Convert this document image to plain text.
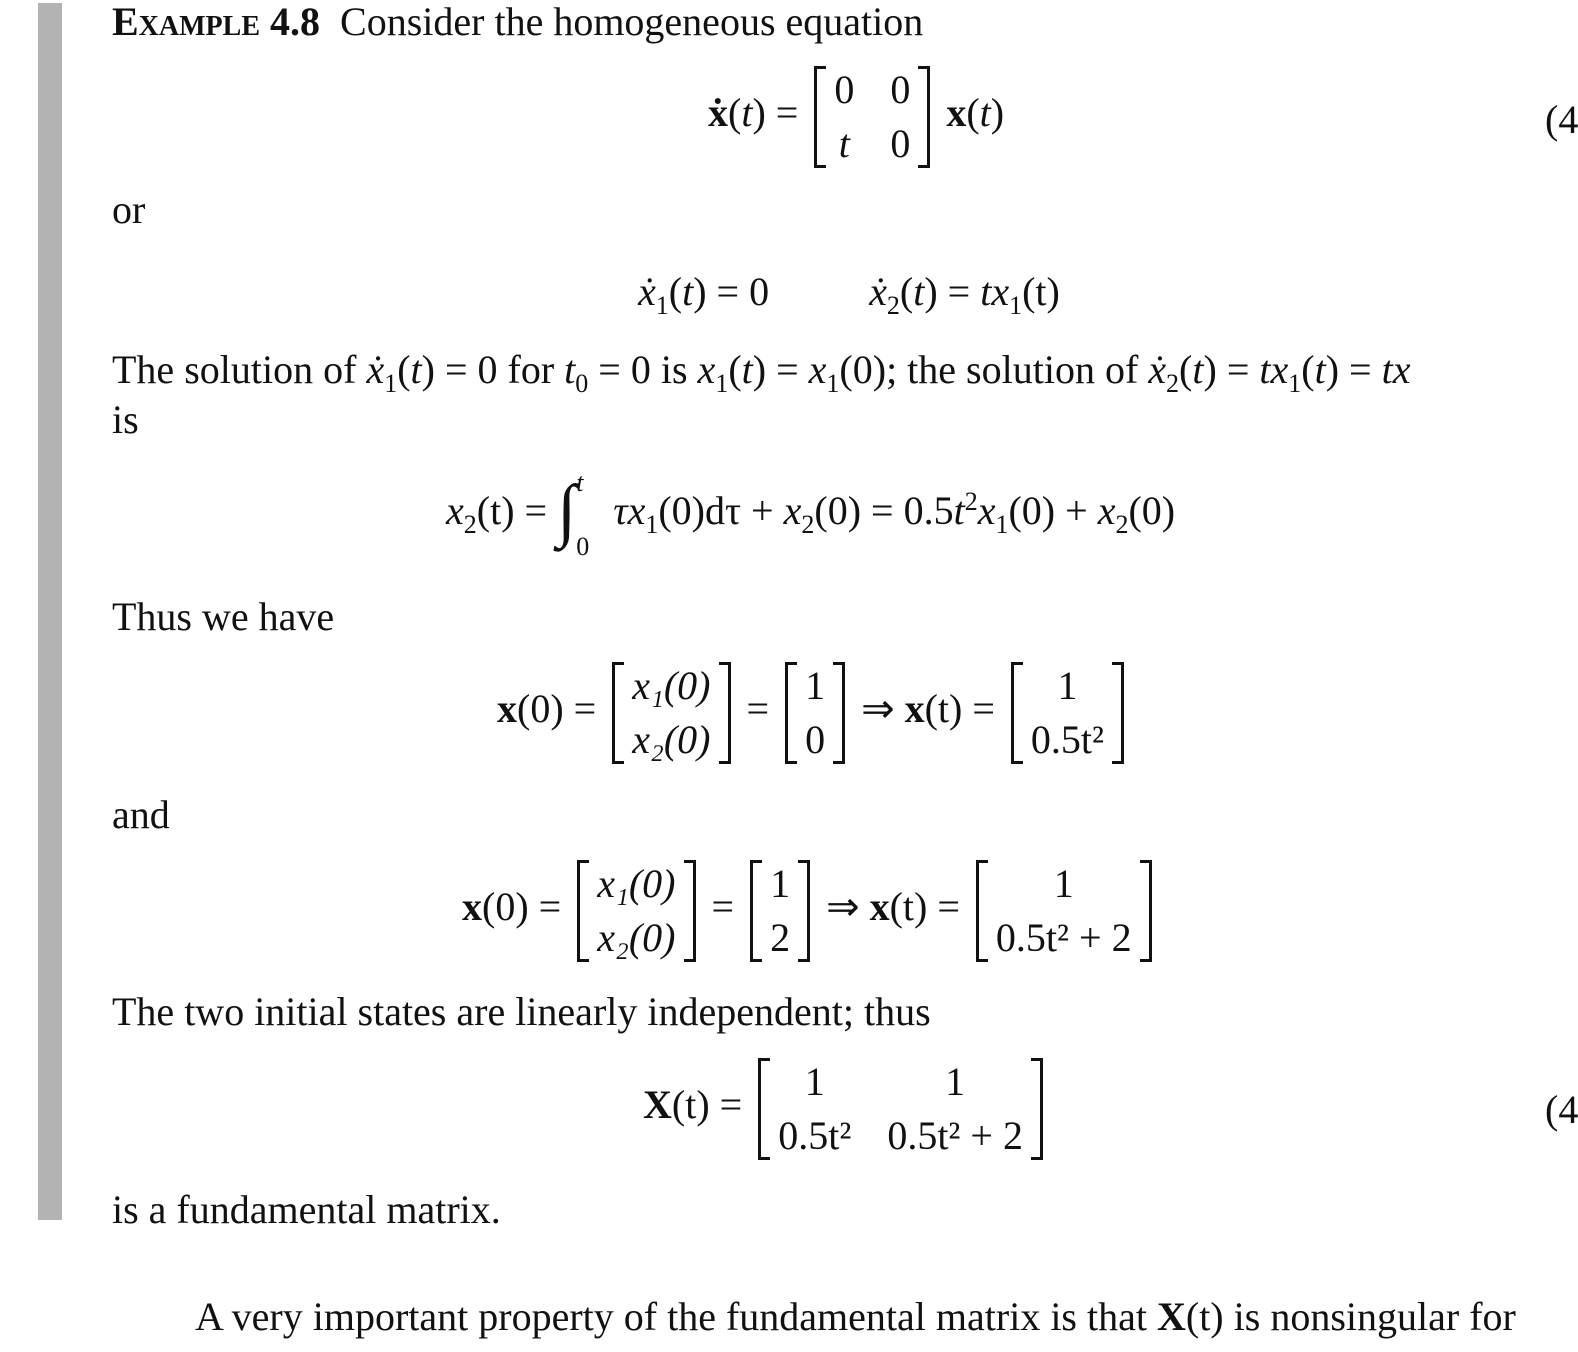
Example 4.8 Consider the homogeneous equation
ẋ(t) =
0 0
t 0
x(t)	(4
or
ẋ$_1$(t) = 0	ẋ$_2$(t) = $tx_1(t)$
The solution of ẋ$_1$(t) = 0 for $t_0 = 0$ is $x_1(t) = x_1(0)$; the solution of ẋ$_2$(t) = $tx_1(t)$ = tx
is
$x_2(t)$ = ∫ t
0
$\tau x_1(0)d\tau + x_2(0) = 0.5t^2x_1(0) + x_2(0)$
Thus we have
x(0) =
x₁(0)
x₂(0)
=
1
0
⇒ x(t) =
1
0.5t²
and
x(0) =
x₁(0)
x₂(0)
=
1
2
⇒ x(t) =
1
0.5t² + 2
The two initial states are linearly independent; thus
X(t) =
1	1
0.5t² 0.5t² + 2
(4
is a fundamental matrix.
A very important property of the fundamental matrix is that X(t) is nonsingular for
